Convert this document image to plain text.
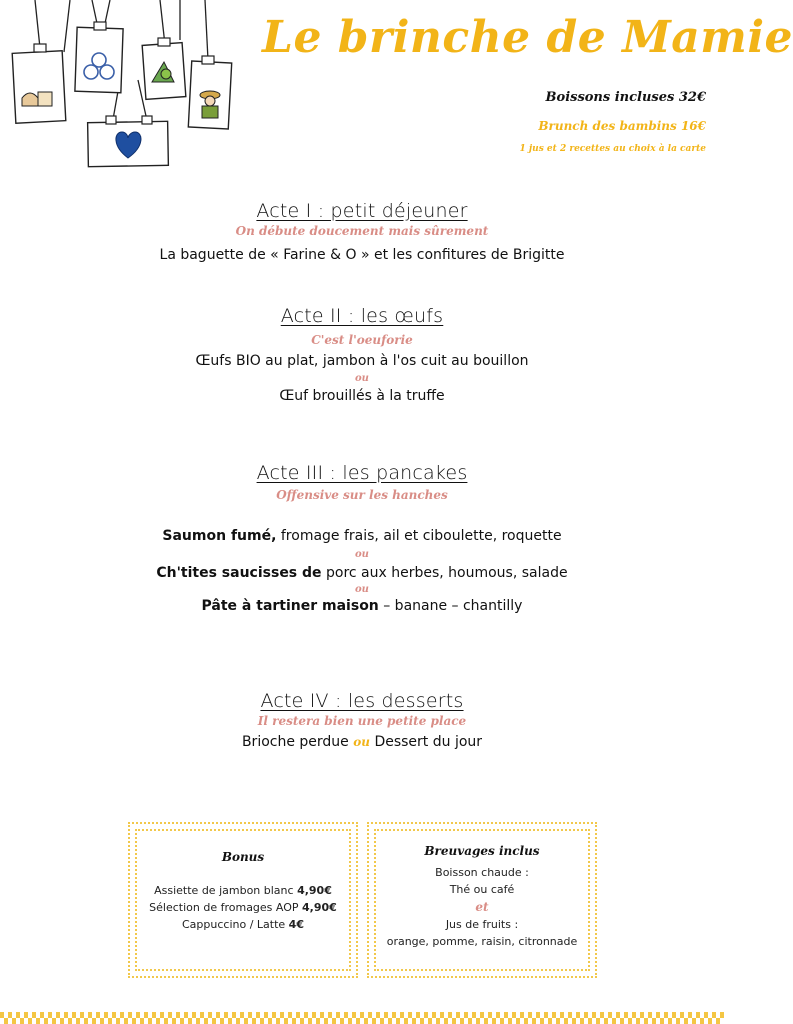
Le brinche de Mamie
Boissons incluses 32€
Brunch des bambins 16€
1 jus et 2 recettes au choix à la carte
Acte I : petit déjeuner
On débute doucement mais sûrement
La baguette de « Farine & O » et les confitures de Brigitte
Acte II : les œufs
C'est l'oeuforie
Œufs BIO au plat, jambon à l'os cuit au bouillon
ou
Œuf brouillés à la truffe
Acte III : les pancakes
Offensive sur les hanches
Saumon fumé, fromage frais, ail et ciboulette, roquette
ou
Ch'tites saucisses de porc aux herbes, houmous, salade
ou
Pâte à tartiner maison – banane – chantilly
Acte IV : les desserts
Il restera bien une petite place
Brioche perdue ou Dessert du jour
Bonus
Assiette de jambon blanc 4,90€
Sélection de fromages AOP 4,90€
Cappuccino / Latte 4€
Breuvages inclus
Boisson chaude :
Thé ou café
et
Jus de fruits :
orange, pomme, raisin, citronnade
